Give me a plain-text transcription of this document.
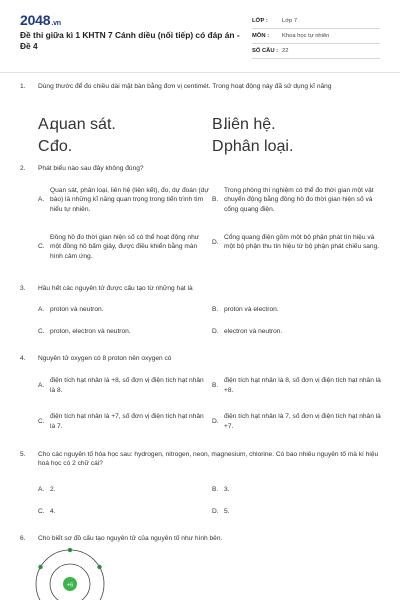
2048.vn
Đề thi giữa kì 1 KHTN 7 Cánh diều (nối tiếp) có đáp án - Đề 4
LỚP :	Lớp 7
MÔN :	Khoa học tự nhiên
SỐ CÂU : 22
1.	Dùng thước để đo chiều dài mặt bàn bằng đơn vị centimét. Trong hoạt động này đã sử dụng kĩ năng
A.
quan sát.	B.
liên hệ.
C.
đo.	D.
phân loại.
2.	Phát biểu nào sau đây không đúng?
A.
Quan sát, phân loại, liên hệ (liên kết), đo, dự đoán (dự báo) là những kĩ năng quan trọng trong tiến trình tìm hiểu tự nhiên.
B.
Trong phòng thí nghiệm có thể đo thời gian một vật chuyển động bằng đồng hồ đo thời gian hiện số và cổng quang điện.
C.
Đồng hồ đo thời gian hiện số có thể hoạt động như một đồng hồ bấm giây, được điều khiển bằng màn hình cảm ứng.
D.
Cổng quang điện gồm một bộ phận phát tín hiệu và một bộ phận thu tín hiệu từ bộ phận phát chiếu sang.
3.	Hầu hết các nguyên tử được cấu tạo từ những hạt là
A. proton và neutron.	B. proton và electron.
C. proton, electron và neutron.	D. electron và neutron.
4.	Nguyên tử oxygen có 8 proton nên oxygen có
A.
điện tích hạt nhân là +8, số đơn vị điện tích hạt nhân là 8.
B.
điện tích hạt nhân là 8, số đơn vị điện tích hạt nhân là +8.
C.
điện tích hạt nhân là +7, số đơn vị điện tích hạt nhân là 7.
D.
điện tích hạt nhân là 7, số đơn vị điện tích hạt nhân là +7.
5.	Cho các nguyên tố hóa học sau: hydrogen, nitrogen, neon, magnesium, chlorine. Có bao nhiêu nguyên tố mà kí hiệu hoá học có 2 chữ cái?
A. 2.	B. 3.
C. 4.	D. 5.
6.	Cho biết sơ đồ cấu tạo nguyên tử của nguyên tố như hình bên.
+6
